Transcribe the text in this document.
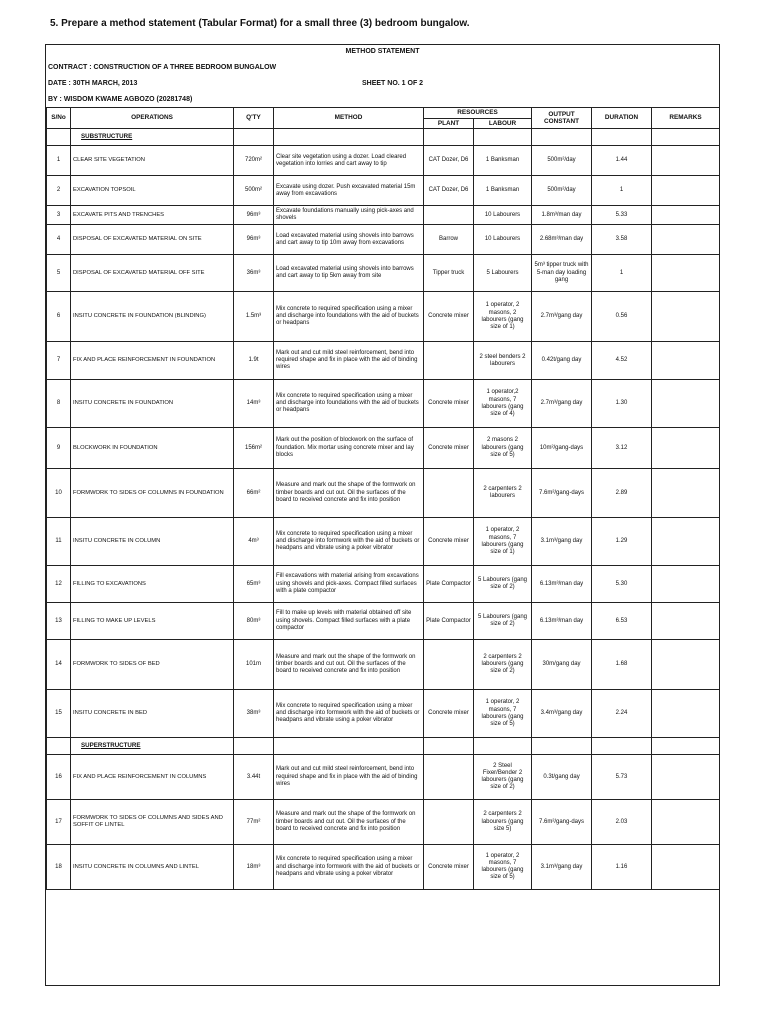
5. Prepare a method statement (Tabular Format) for a small three (3) bedroom bungalow.
METHOD STATEMENT
CONTRACT : CONSTRUCTION OF A THREE BEDROOM BUNGALOW
DATE : 30TH MARCH, 2013	SHEET NO. 1 OF 2
BY : WISDOM KWAME AGBOZO (20281748)
S/No	OPERATIONS	Q'TY	METHOD	RESOURCES		OUTPUT CONSTANT	DURATION	REMARKS
				PLANT	LABOUR			
	SUBSTRUCTURE							
1	CLEAR SITE VEGETATION	720m²	Clear site vegetation using a dozer. Load cleared vegetation into lorries and cart away to tip	CAT Dozer, D6	1 Banksman	500m²/day	1.44	
2	EXCAVATION TOPSOIL	500m²	Excavate using dozer. Push excavated material 15m away from excavations	CAT Dozer, D6	1 Banksman	500m²/day	1	
3	EXCAVATE PITS AND TRENCHES	96m³	Excavate foundations manually using pick-axes and shovels		10 Labourers	1.8m³/man day	5.33	
4	DISPOSAL OF EXCAVATED MATERIAL ON SITE	96m³	Load excavated material using shovels into barrows and cart away to tip 10m away from excavations	Barrow	10 Labourers	2.68m³/man day	3.58	
5	DISPOSAL OF EXCAVATED MATERIAL OFF SITE	36m³	Load excavated material using shovels into barrows and cart away to tip 5km away from site	Tipper truck	5 Labourers	5m³ tipper truck with 5-man day loading gang	1	
6	INSITU CONCRETE IN FOUNDATION (BLINDING)	1.5m³	Mix concrete to required specification using a mixer and discharge into foundations with the aid of buckets or headpans	Concrete mixer	1 operator, 2 masons, 2 labourers (gang size of 1)	2.7m³/gang day	0.56	
7	FIX AND PLACE REINFORCEMENT IN FOUNDATION	1.9t	Mark out and cut mild steel reinforcement, bend into required shape and fix in place with the aid of binding wires		2 steel benders 2 labourers	0.42t/gang day	4.52	
8	INSITU CONCRETE IN FOUNDATION	14m³	Mix concrete to required specification using a mixer and discharge into foundations with the aid of buckets or headpans	Concrete mixer	1 operator,2 masons, 7 labourers (gang size of 4)	2.7m³/gang day	1.30	
9	BLOCKWORK IN FOUNDATION	156m²	Mark out the position of blockwork on the surface of foundation. Mix mortar using concrete mixer and lay blocks	Concrete mixer	2 masons 2 labourers (gang size of 5)	10m²/gang-days	3.12	
10	FORMWORK TO SIDES OF COLUMNS IN FOUNDATION	66m²	Measure and mark out the shape of the formwork on timber boards and cut out. Oil the surfaces of the board to received concrete and fix into position		2 carpenters 2 labourers	7.6m²/gang-days	2.89	
11	INSITU CONCRETE IN COLUMN	4m³	Mix concrete to required specification using a mixer and discharge into formwork with the aid of buckets or headpans and vibrate using a poker vibrator	Concrete mixer	1 operator, 2 masons, 7 labourers (gang size of 1)	3.1m³/gang day	1.29	
12	FILLING TO EXCAVATIONS	65m³	Fill excavations with material arising from excavations using shovels and pick-axes. Compact filled surfaces with a plate compactor	Plate Compactor	5 Labourers (gang size of 2)	6.13m³/man day	5.30	
13	FILLING TO MAKE UP LEVELS	80m³	Fill to make up levels with material obtained off site using shovels. Compact filled surfaces with a plate compactor	Plate Compactor	5 Labourers (gang size of 2)	6.13m³/man day	6.53	
14	FORMWORK TO SIDES OF BED	101m	Measure and mark out the shape of the formwork on timber boards and cut out. Oil the surfaces of the board to received concrete and fix into position		2 carpenters 2 labourers (gang size of 2)	30m/gang day	1.68	
15	INSITU CONCRETE IN BED	38m³	Mix concrete to required specification using a mixer and discharge into formwork with the aid of buckets or headpans and vibrate using a poker vibrator	Concrete mixer	1 operator, 2 masons, 7 labourers (gang size of 5)	3.4m³/gang day	2.24	
	SUPERSTRUCTURE							
16	FIX AND PLACE REINFORCEMENT IN COLUMNS	3.44t	Mark out and cut mild steel reinforcement, bend into required shape and fix in place with the aid of binding wires		2 Steel Fixer/Bender 2 labourers (gang size of 2)	0.3t/gang day	5.73	
17	FORMWORK TO SIDES OF COLUMNS AND SIDES AND SOFFIT OF LINTEL	77m²	Measure and mark out the shape of the formwork on timber boards and cut out. Oil the surfaces of the board to received concrete and fix into position		2 carpenters 2 labourers (gang size 5)	7.6m²/gang-days	2.03	
18	INSITU CONCRETE IN COLUMNS AND LINTEL	18m³	Mix concrete to required specification using a mixer and discharge into formwork with the aid of buckets or headpans and vibrate using a poker vibrator	Concrete mixer	1 operator, 2 masons, 7 labourers (gang size of 5)	3.1m³/gang day	1.16	
